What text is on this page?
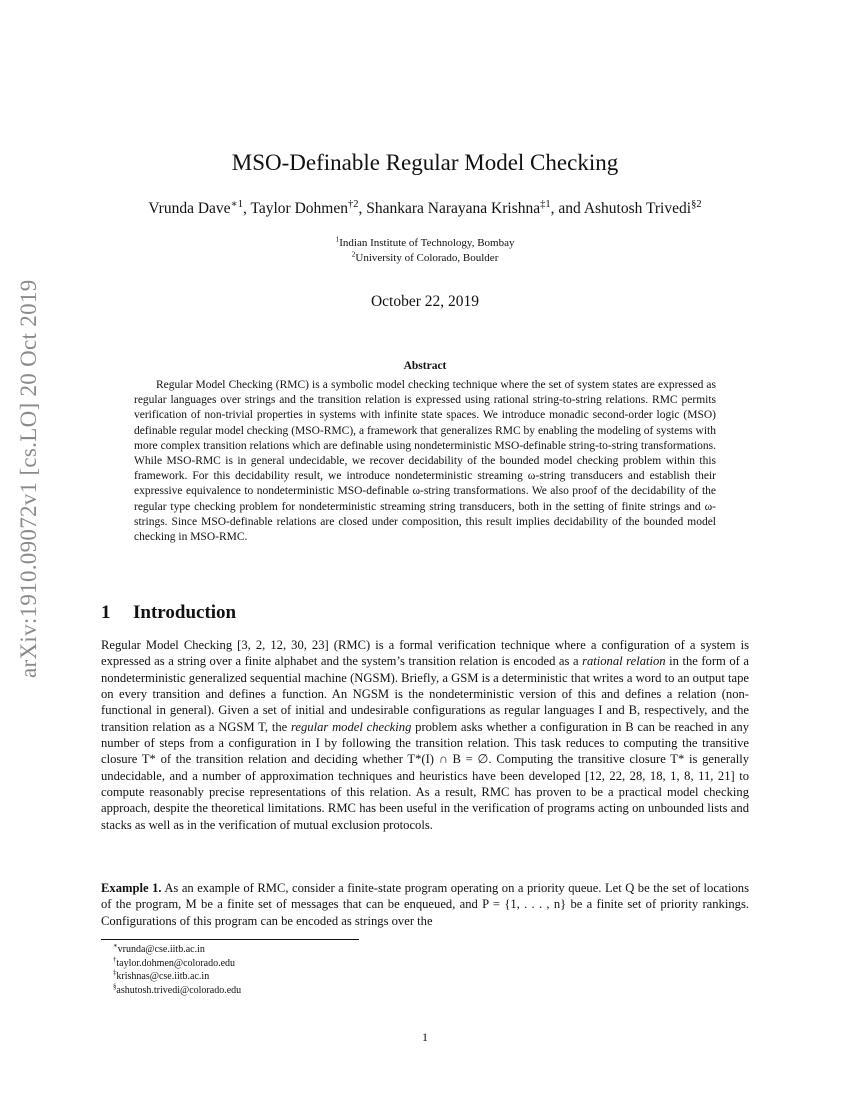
arXiv:1910.09072v1 [cs.LO] 20 Oct 2019
MSO-Definable Regular Model Checking
Vrunda Dave$^{∗1}$, Taylor Dohmen$^{\dagger 2}$, Shankara Narayana Krishna$^{\ddagger 1}$, and Ashutosh Trivedi$^{\S 2}$
$^1$Indian Institute of Technology, Bombay
$^2$University of Colorado, Boulder
October 22, 2019
Abstract

Regular Model Checking (RMC) is a symbolic model checking technique where the set of system states are expressed as regular languages over strings and the transition relation is expressed using rational string-to-string relations. RMC permits verification of non-trivial properties in systems with infinite state spaces. We introduce monadic second-order logic (MSO) definable regular model checking (MSO-RMC), a framework that generalizes RMC by enabling the modeling of systems with more complex transition relations which are definable using nondeterministic MSO-definable string-to-string transformations. While MSO-RMC is in general undecidable, we recover decidability of the bounded model checking problem within this framework. For this decidability result, we introduce nondeterministic streaming ω-string transducers and establish their expressive equivalence to nondeterministic MSO-definable ω-string transformations. We also proof of the decidability of the regular type checking problem for nondeterministic streaming string transducers, both in the setting of finite strings and ω-strings. Since MSO-definable relations are closed under composition, this result implies decidability of the bounded model checking in MSO-RMC.

1 Introduction

Regular Model Checking [3, 2, 12, 30, 23] (RMC) is a formal verification technique where a configuration of a system is expressed as a string over a finite alphabet and the system’s transition relation is encoded as a rational relation in the form of a nondeterministic generalized sequential machine (NGSM). Briefly, a GSM is a deterministic that writes a word to an output tape on every transition and defines a function. An NGSM is the nondeterministic version of this and defines a relation (non-functional in general). Given a set of initial and undesirable configurations as regular languages I and B, respectively, and the transition relation as a NGSM T, the regular model checking problem asks whether a configuration in B can be reached in any number of steps from a configuration in I by following the transition relation. This task reduces to computing the transitive closure T* of the transition relation and deciding whether T*(I) ∩ B = ∅. Computing the transitive closure T* is generally undecidable, and a number of approximation techniques and heuristics have been developed [12, 22, 28, 18, 1, 8, 11, 21] to compute reasonably precise representations of this relation. As a result, RMC has proven to be a practical model checking approach, despite the theoretical limitations. RMC has been useful in the verification of programs acting on unbounded lists and stacks as well as in the verification of mutual exclusion protocols.

Example 1. As an example of RMC, consider a finite-state program operating on a priority queue. Let Q be the set of locations of the program, M be a finite set of messages that can be enqueued, and P = {1, . . . , n} be a finite set of priority rankings. Configurations of this program can be encoded as strings over the

∗vrunda@cse.iitb.ac.in
†taylor.dohmen@colorado.edu
‡krishnas@cse.iitb.ac.in
§ashutosh.trivedi@colorado.edu
1
